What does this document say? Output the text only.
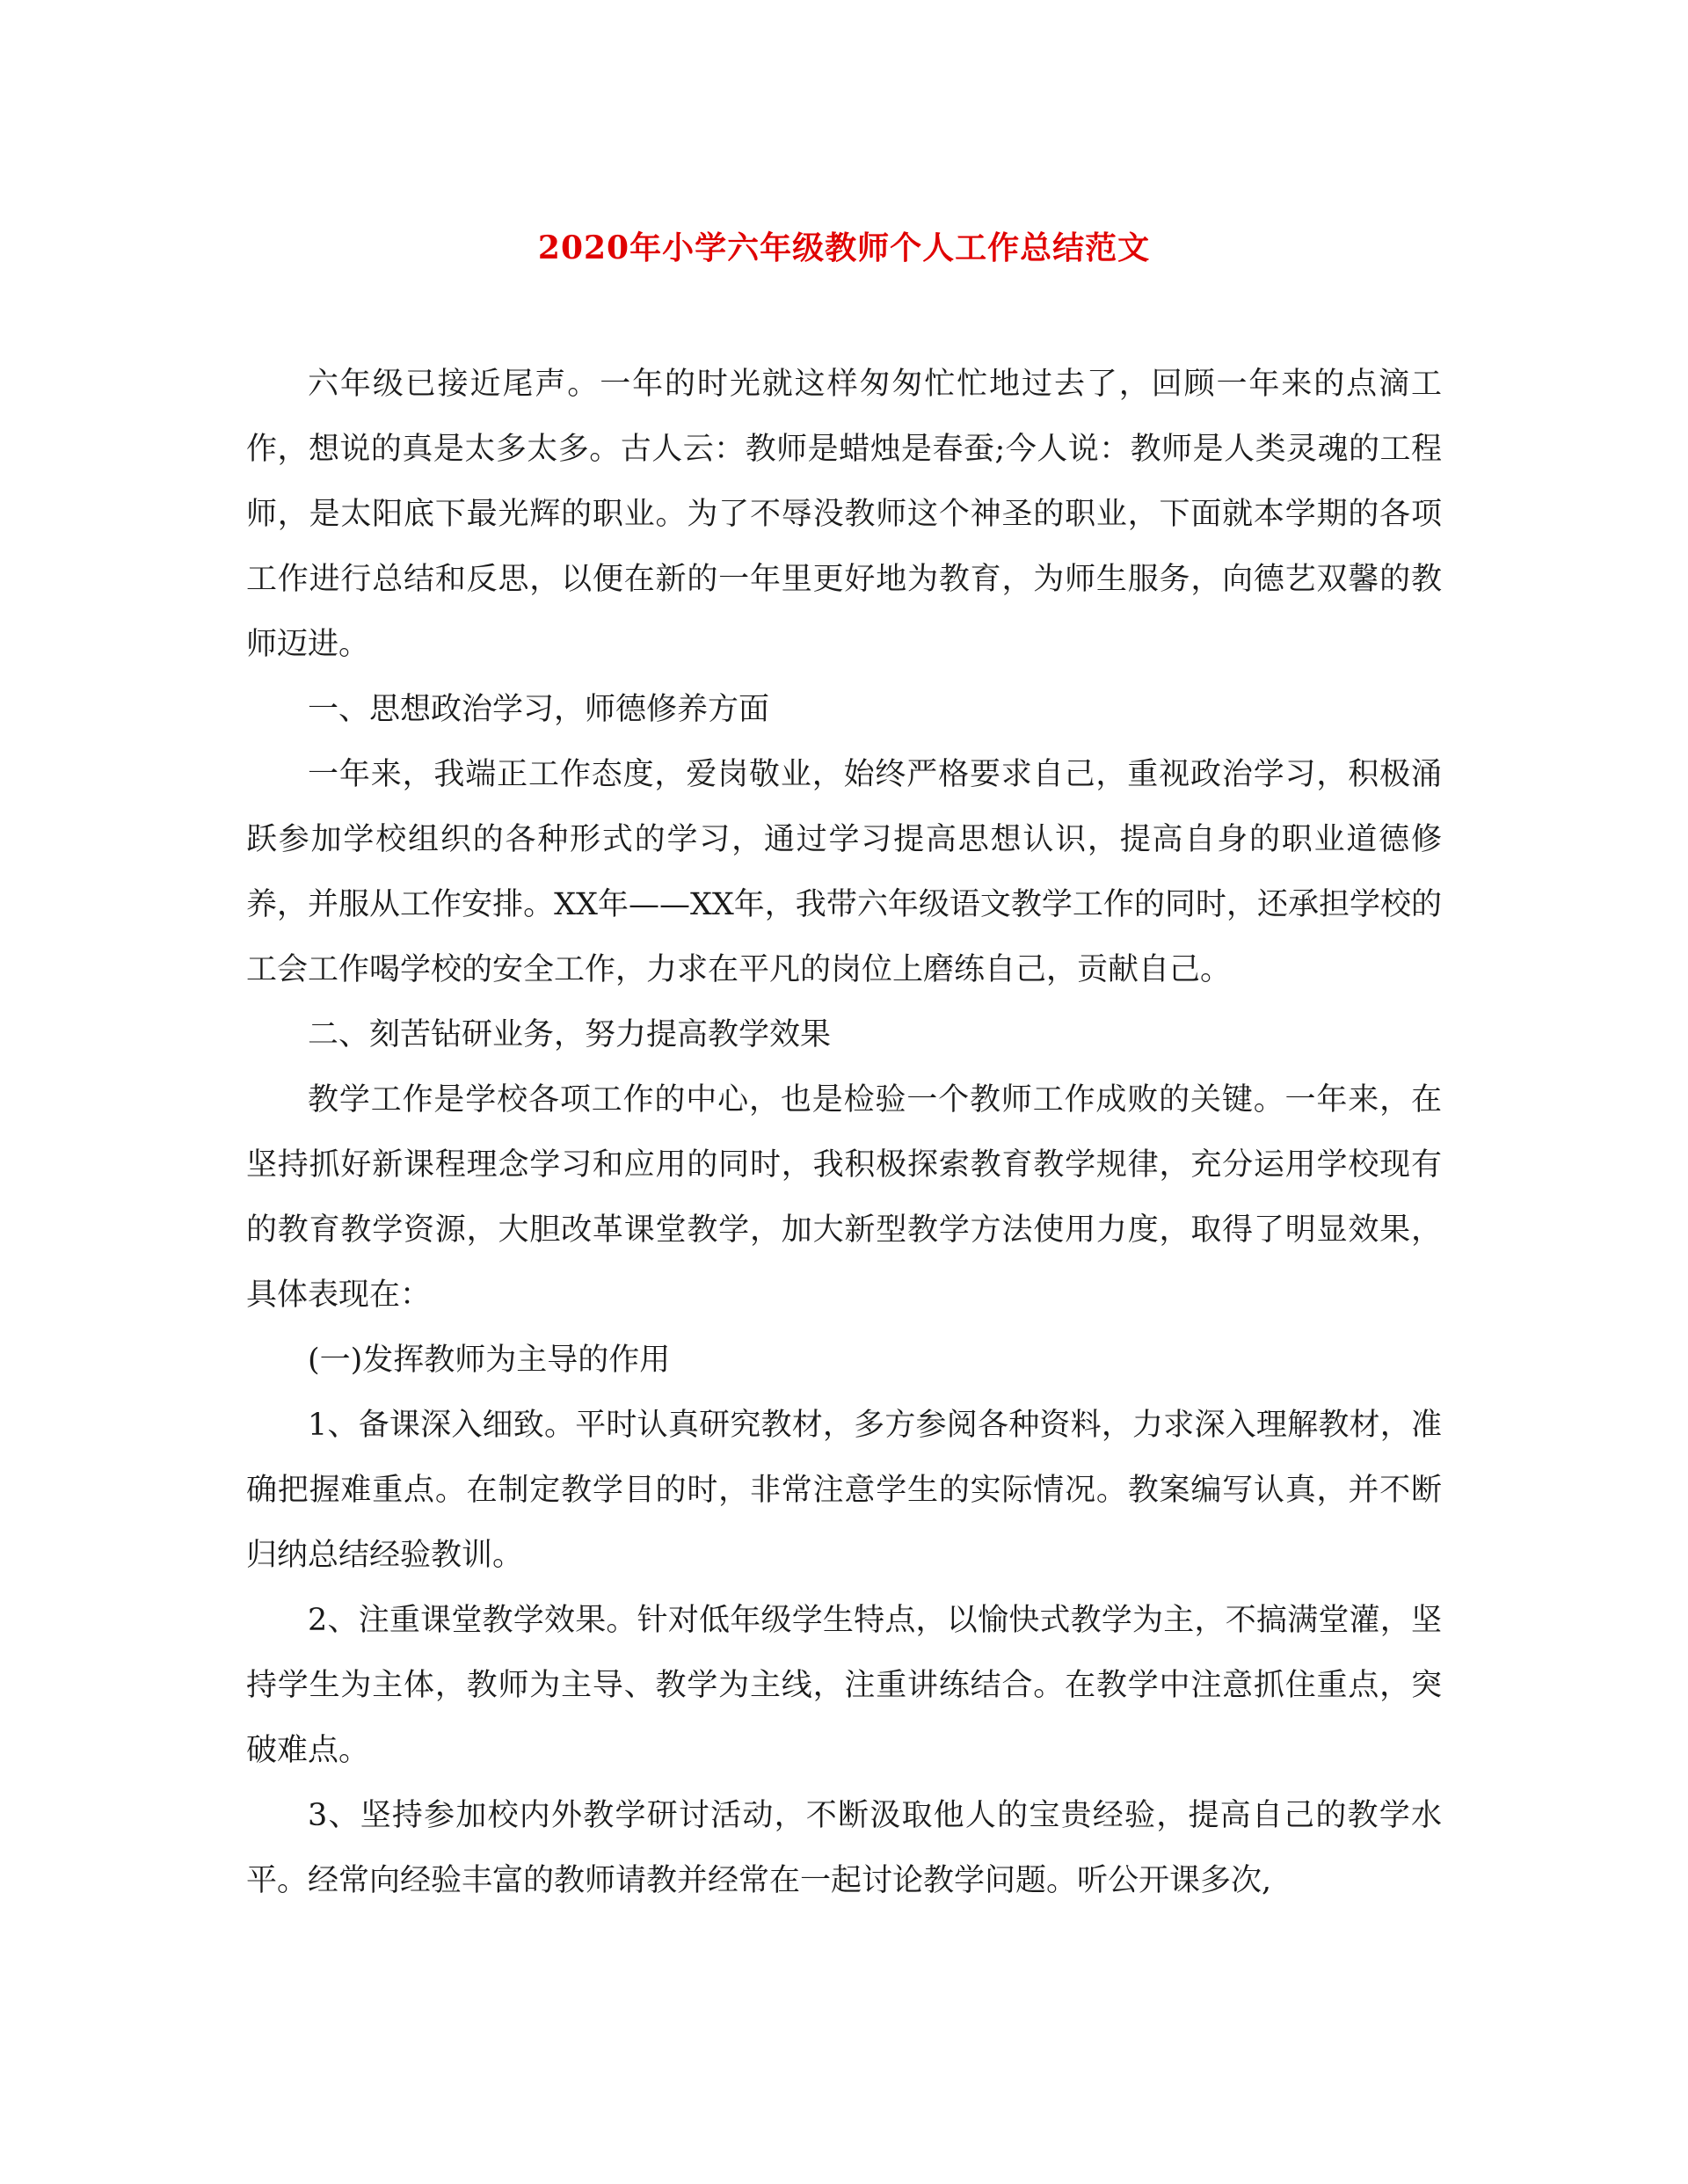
2020年小学六年级教师个人工作总结范文

六年级已接近尾声。一年的时光就这样匆匆忙忙地过去了，回顾一年来的点滴工作，想说的真是太多太多。古人云：教师是蜡烛是春蚕;今人说：教师是人类灵魂的工程师，是太阳底下最光辉的职业。为了不辱没教师这个神圣的职业，下面就本学期的各项工作进行总结和反思，以便在新的一年里更好地为教育，为师生服务，向德艺双馨的教师迈进。

一、思想政治学习，师德修养方面

一年来，我端正工作态度，爱岗敬业，始终严格要求自己，重视政治学习，积极涌跃参加学校组织的各种形式的学习，通过学习提高思想认识，提高自身的职业道德修养，并服从工作安排。XX年——XX年，我带六年级语文教学工作的同时，还承担学校的工会工作喝学校的安全工作，力求在平凡的岗位上磨练自己，贡献自己。

二、刻苦钻研业务，努力提高教学效果

教学工作是学校各项工作的中心，也是检验一个教师工作成败的关键。一年来，在坚持抓好新课程理念学习和应用的同时，我积极探索教育教学规律，充分运用学校现有的教育教学资源，大胆改革课堂教学，加大新型教学方法使用力度，取得了明显效果，具体表现在：

(一)发挥教师为主导的作用

1、备课深入细致。平时认真研究教材，多方参阅各种资料，力求深入理解教材，准确把握难重点。在制定教学目的时，非常注意学生的实际情况。教案编写认真，并不断归纳总结经验教训。

2、注重课堂教学效果。针对低年级学生特点，以愉快式教学为主，不搞满堂灌，坚持学生为主体，教师为主导、教学为主线，注重讲练结合。在教学中注意抓住重点，突破难点。

3、坚持参加校内外教学研讨活动，不断汲取他人的宝贵经验，提高自己的教学水平。经常向经验丰富的教师请教并经常在一起讨论教学问题。听公开课多次,
